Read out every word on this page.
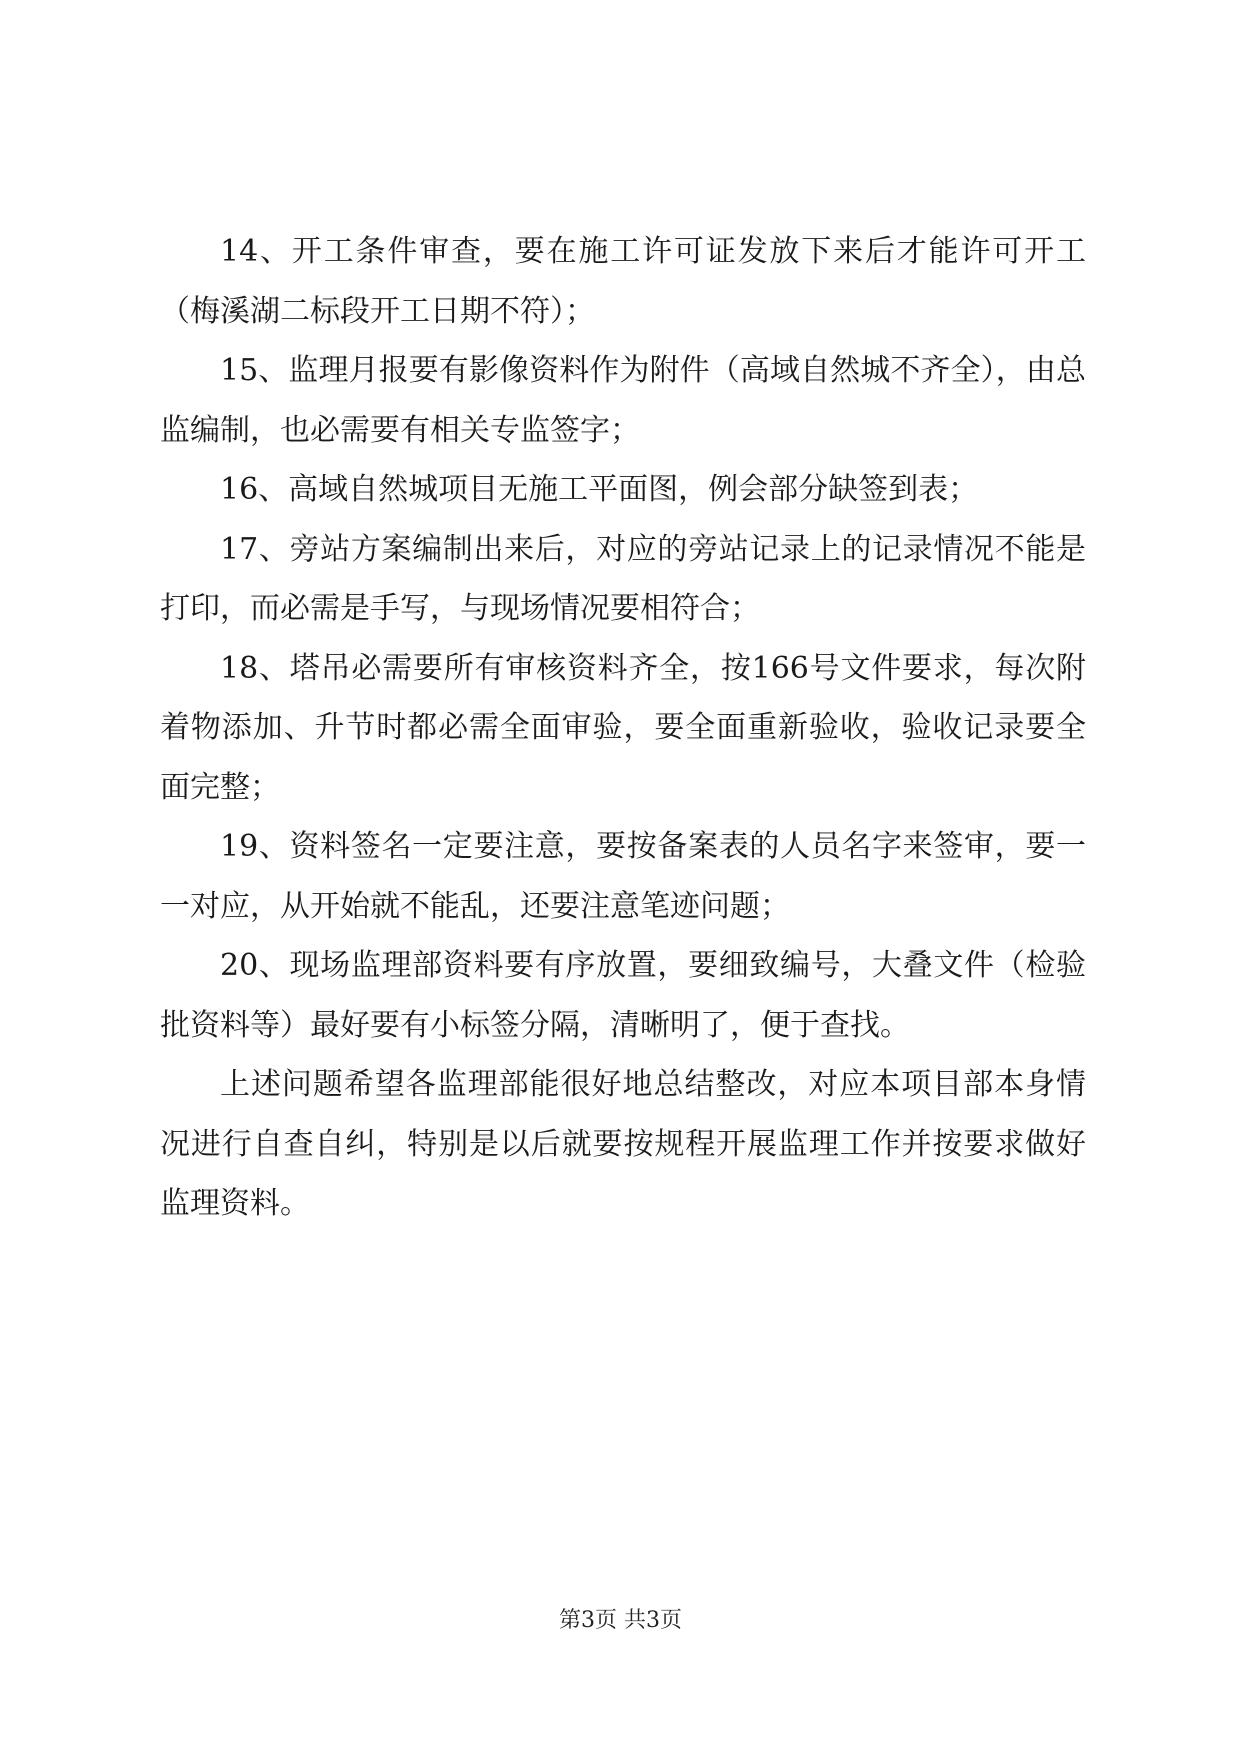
14、开工条件审查，要在施工许可证发放下来后才能许可开工（梅溪湖二标段开工日期不符）；

15、监理月报要有影像资料作为附件（高域自然城不齐全），由总监编制，也必需要有相关专监签字；

16、高域自然城项目无施工平面图，例会部分缺签到表；

17、旁站方案编制出来后，对应的旁站记录上的记录情况不能是打印，而必需是手写，与现场情况要相符合；

18、塔吊必需要所有审核资料齐全，按166号文件要求，每次附着物添加、升节时都必需全面审验，要全面重新验收，验收记录要全面完整；

19、资料签名一定要注意，要按备案表的人员名字来签审，要一一对应，从开始就不能乱，还要注意笔迹问题；

20、现场监理部资料要有序放置，要细致编号，大叠文件（检验批资料等）最好要有小标签分隔，清晰明了，便于查找。

上述问题希望各监理部能很好地总结整改，对应本项目部本身情况进行自查自纠，特别是以后就要按规程开展监理工作并按要求做好监理资料。

第3页 共3页
